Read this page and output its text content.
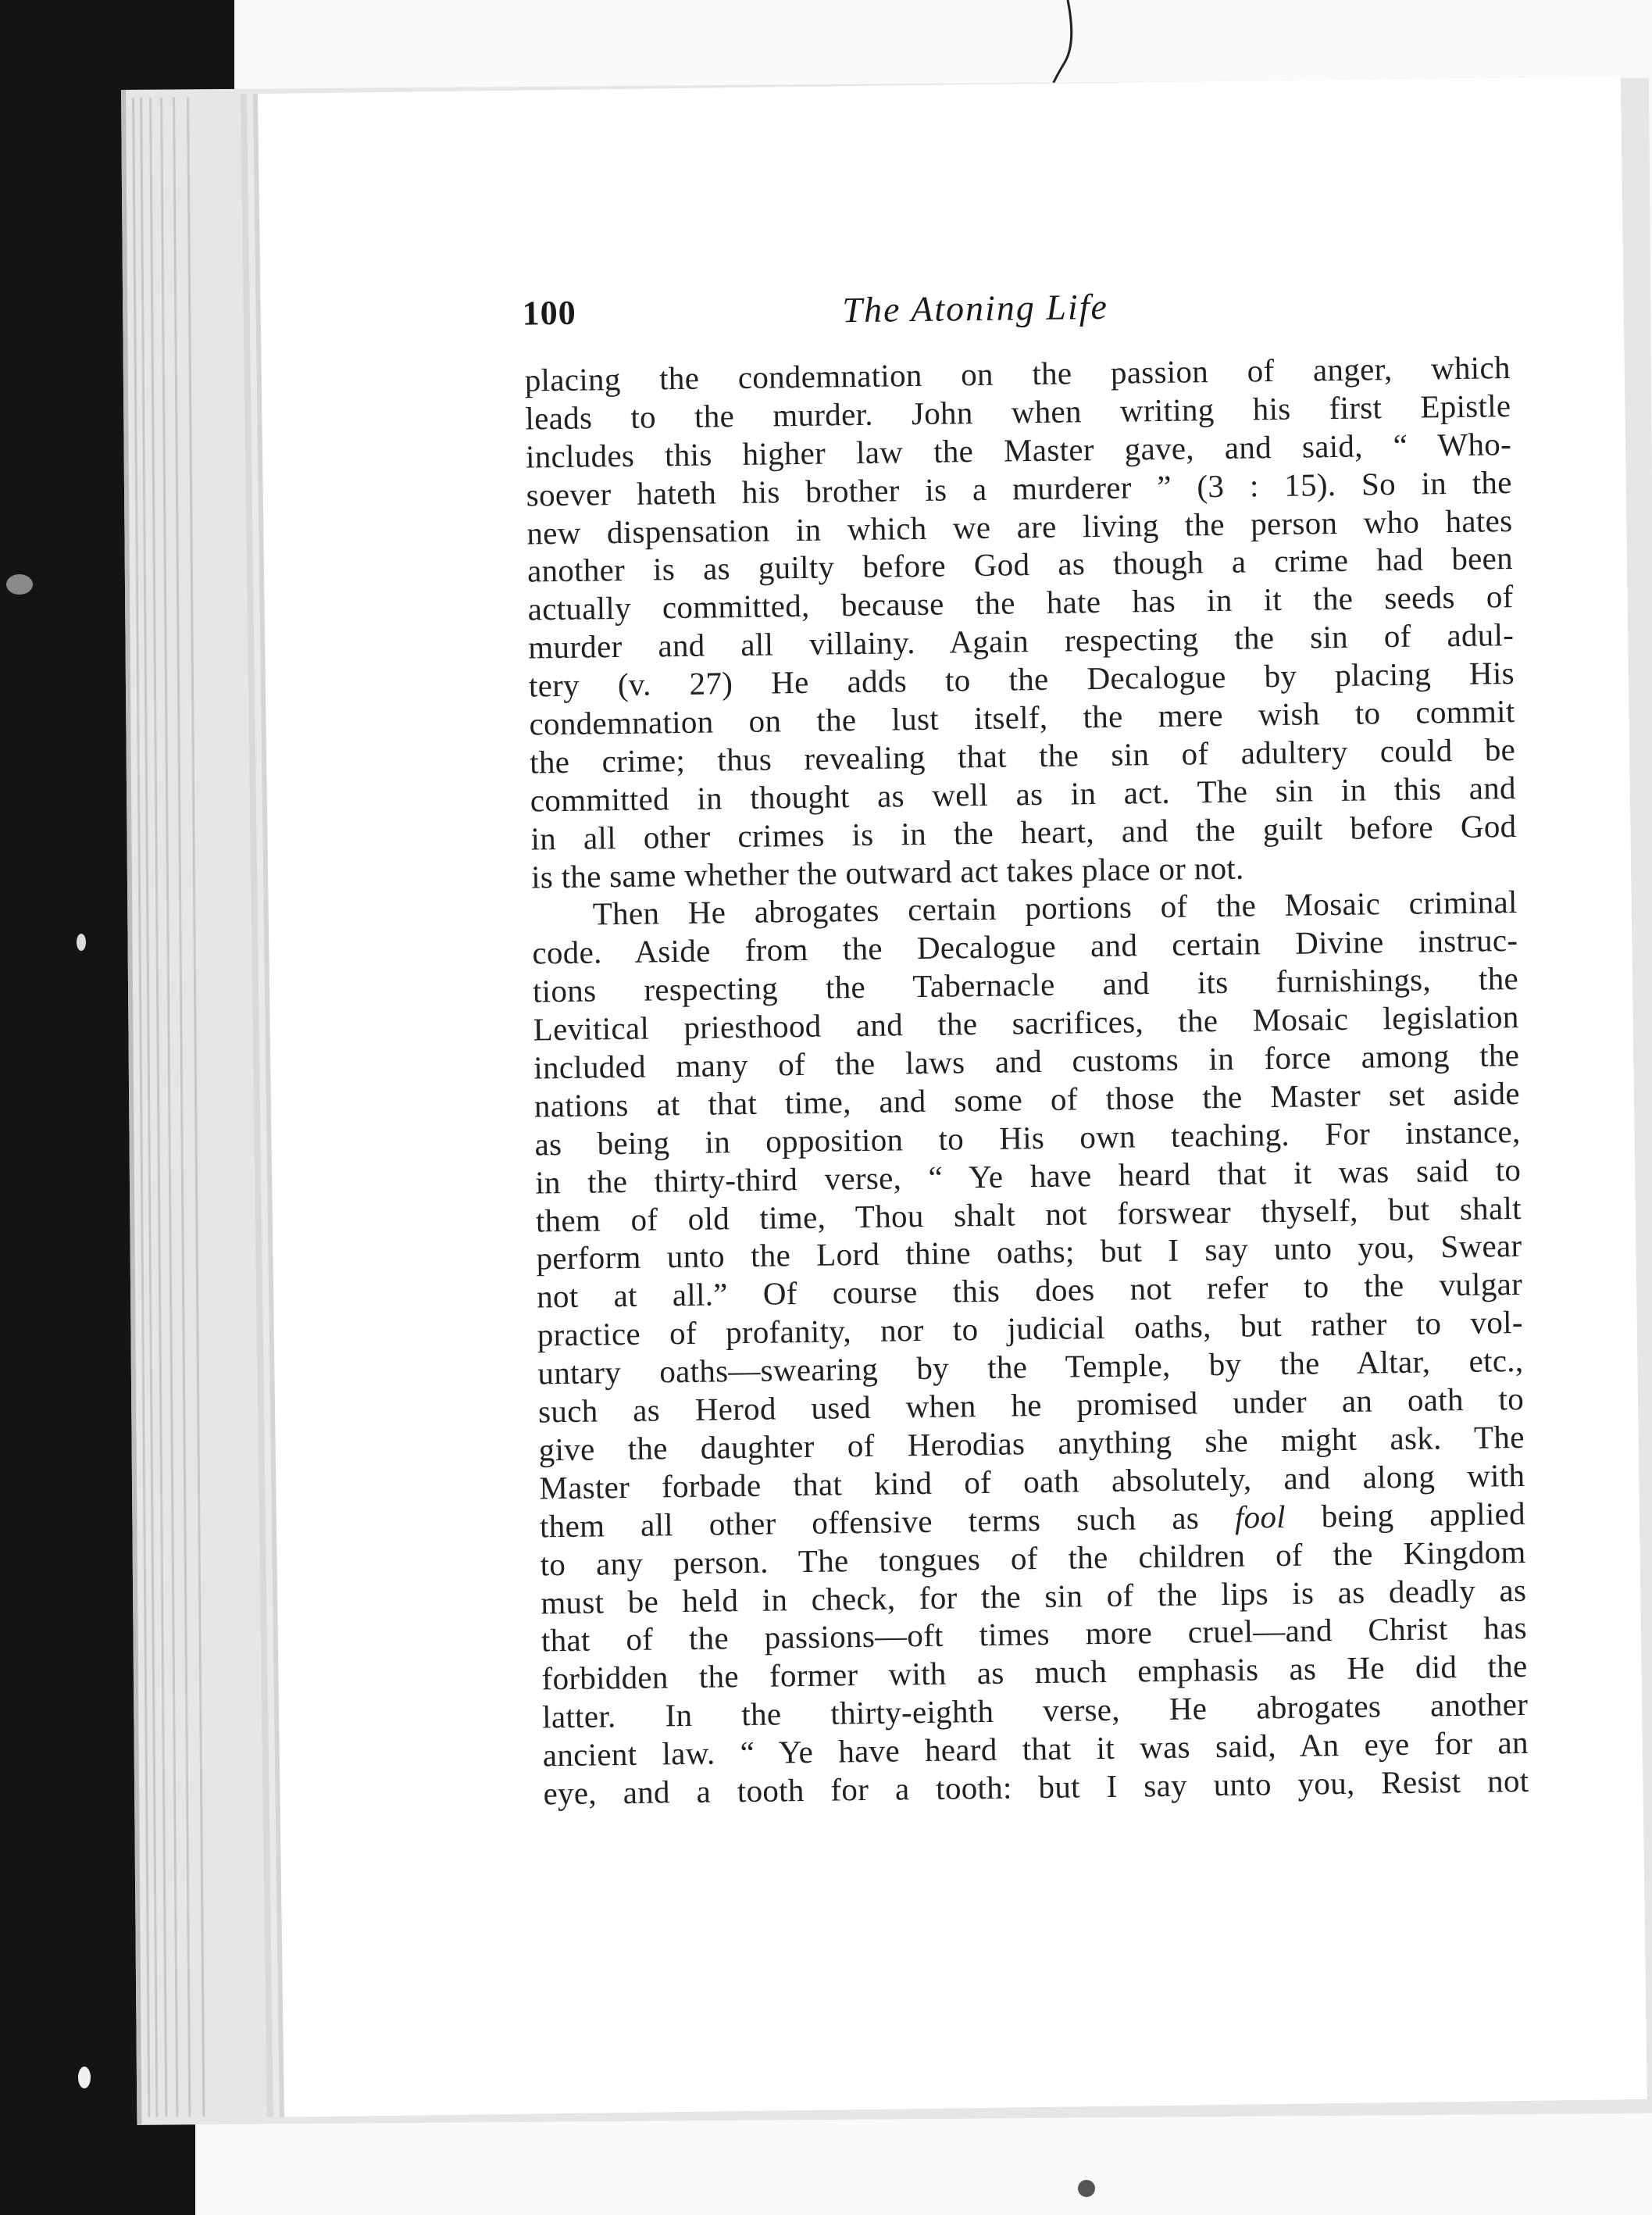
100	The Atoning Life
placing the condemnation on the passion of anger, which
leads to the murder. John when writing his first Epistle
includes this higher law the Master gave, and said, “ Who-
soever hateth his brother is a murderer ” (3 : 15). So in the
new dispensation in which we are living the person who hates
another is as guilty before God as though a crime had been
actually committed, because the hate has in it the seeds of
murder and all villainy. Again respecting the sin of adul-
tery (v. 27) He adds to the Decalogue by placing His
condemnation on the lust itself, the mere wish to commit
the crime; thus revealing that the sin of adultery could be
committed in thought as well as in act. The sin in this and
in all other crimes is in the heart, and the guilt before God
is the same whether the outward act takes place or not.
Then He abrogates certain portions of the Mosaic criminal
code. Aside from the Decalogue and certain Divine instruc-
tions respecting the Tabernacle and its furnishings, the
Levitical priesthood and the sacrifices, the Mosaic legislation
included many of the laws and customs in force among the
nations at that time, and some of those the Master set aside
as being in opposition to His own teaching. For instance,
in the thirty-third verse, “ Ye have heard that it was said to
them of old time, Thou shalt not forswear thyself, but shalt
perform unto the Lord thine oaths; but I say unto you, Swear
not at all.” Of course this does not refer to the vulgar
practice of profanity, nor to judicial oaths, but rather to vol-
untary oaths—swearing by the Temple, by the Altar, etc.,
such as Herod used when he promised under an oath to
give the daughter of Herodias anything she might ask. The
Master forbade that kind of oath absolutely, and along with
them all other offensive terms such as fool being applied
to any person. The tongues of the children of the Kingdom
must be held in check, for the sin of the lips is as deadly as
that of the passions—oft times more cruel—and Christ has
forbidden the former with as much emphasis as He did the
latter. In the thirty-eighth verse, He abrogates another
ancient law. “ Ye have heard that it was said, An eye for an
eye, and a tooth for a tooth: but I say unto you, Resist not
